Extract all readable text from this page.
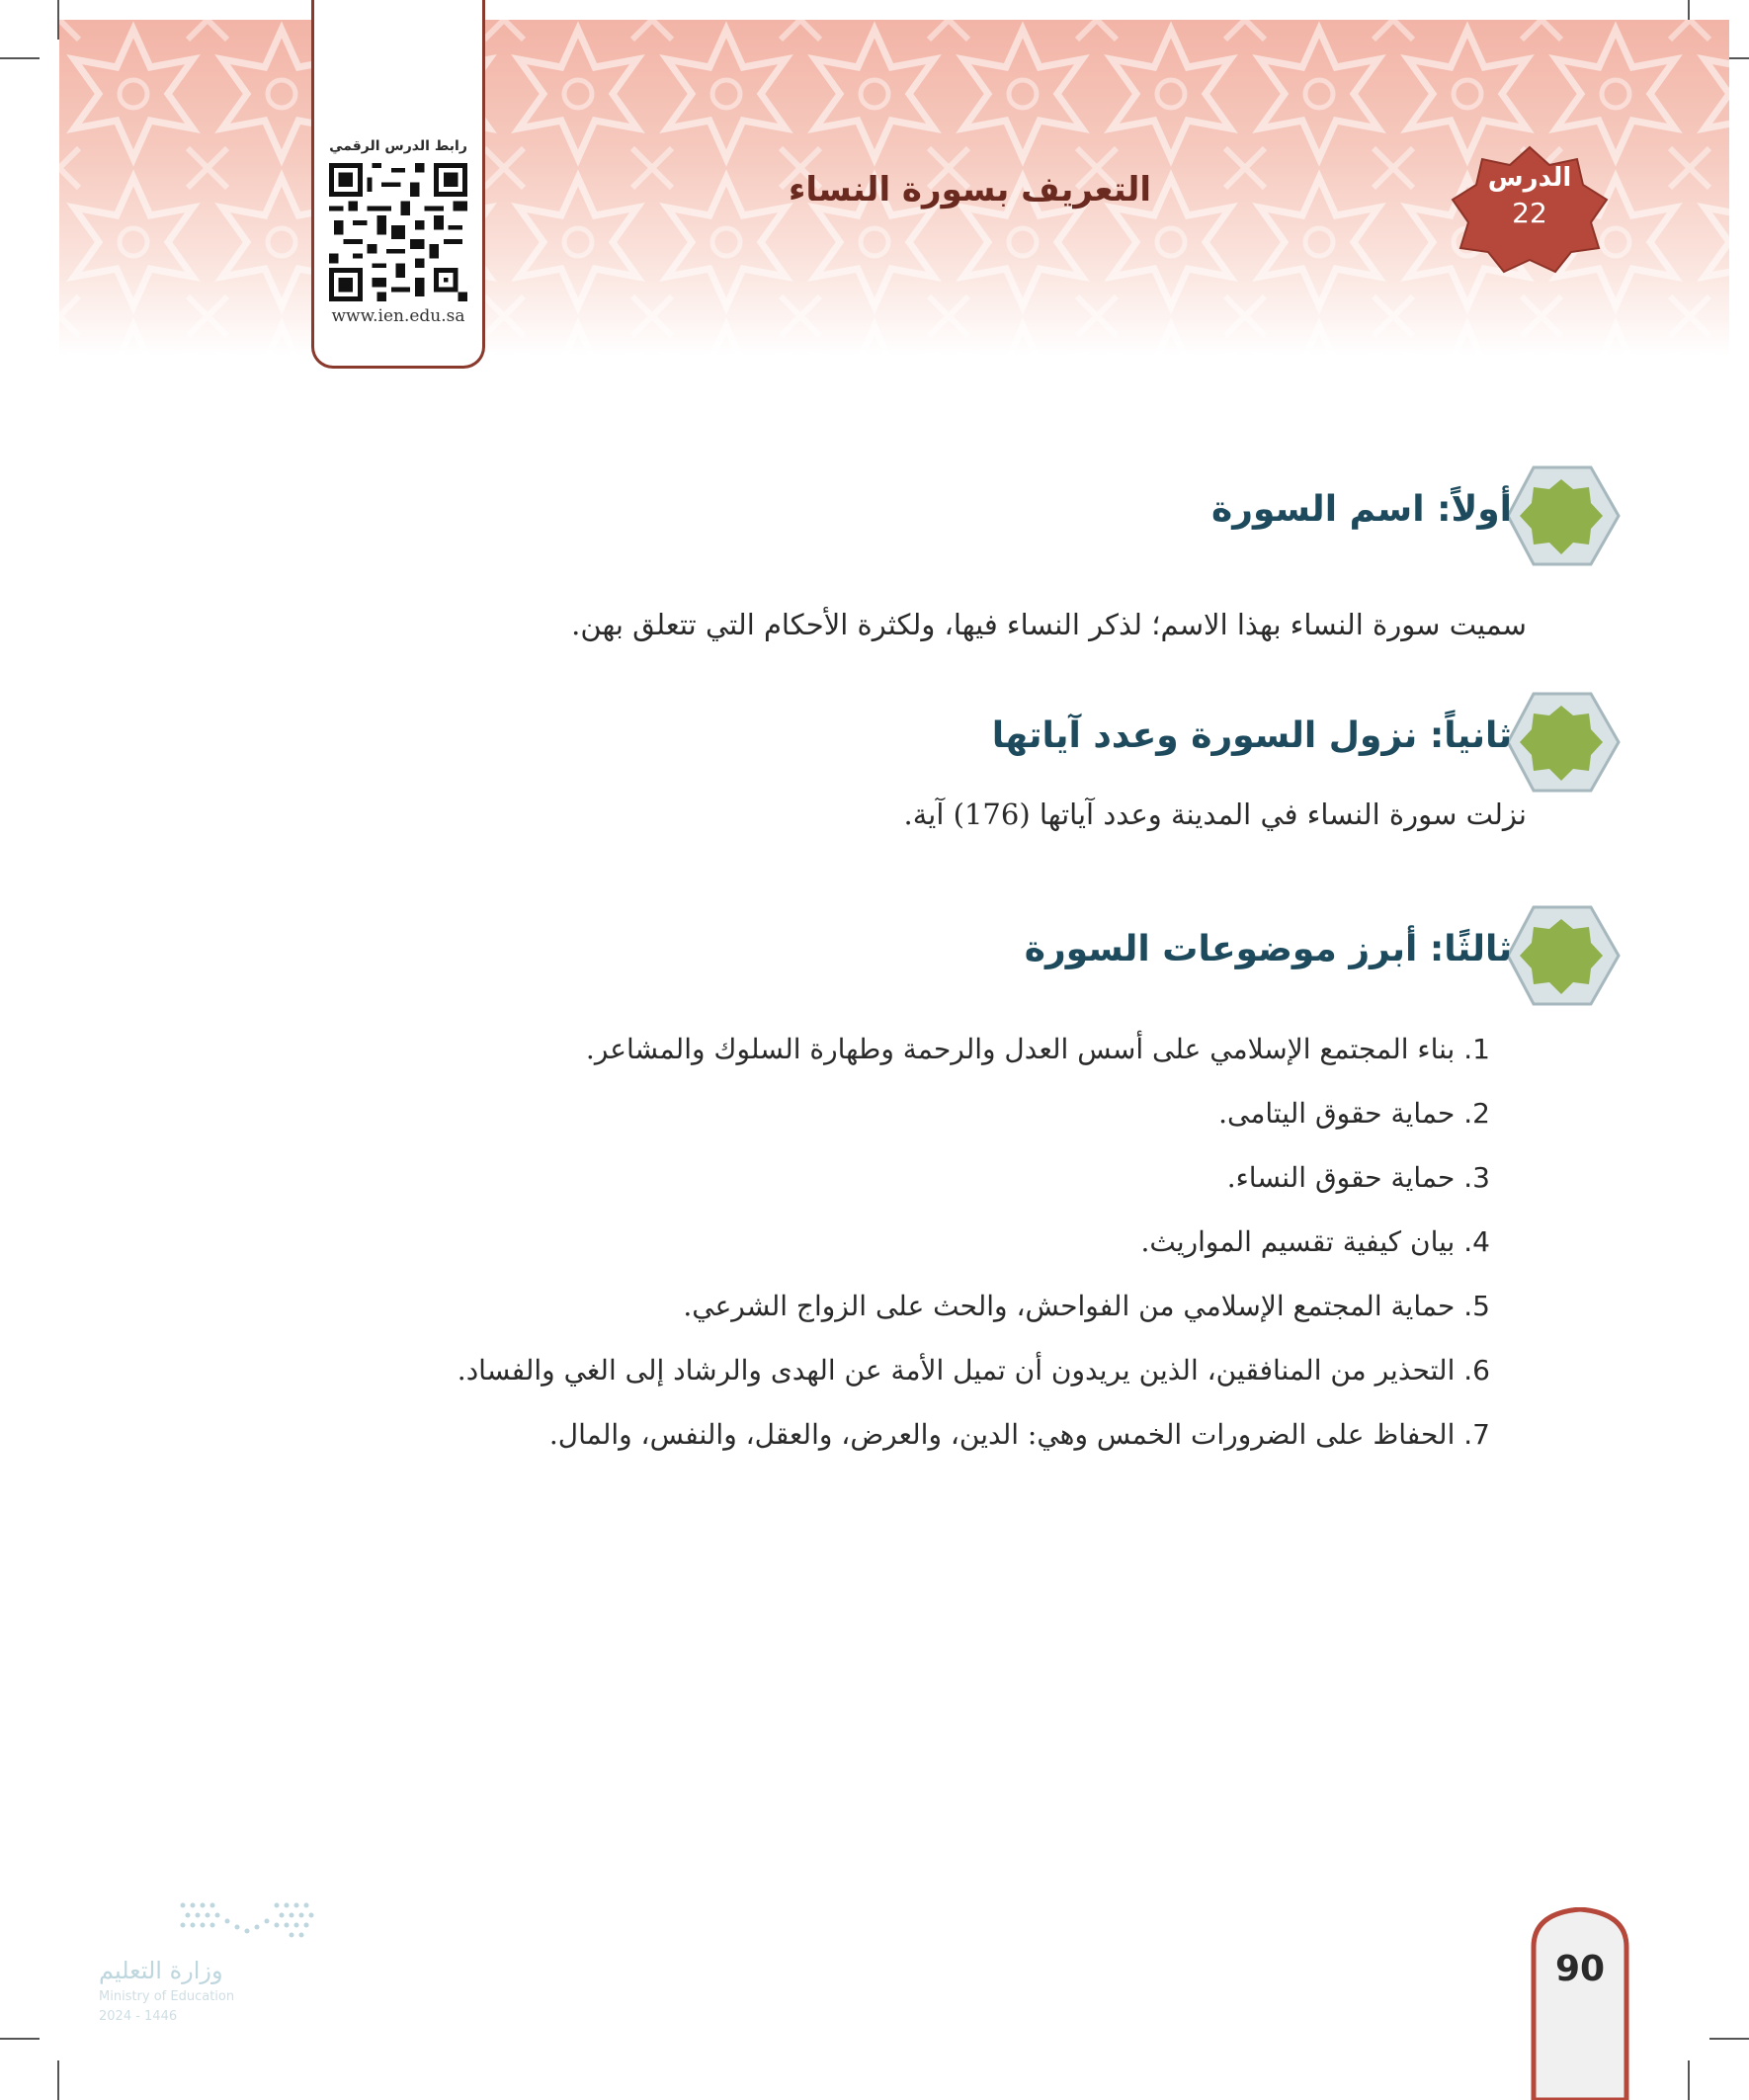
التعريف بسورة النساء	الدرس
22
رابط الدرس الرقمي
www.ien.edu.sa
أولاً: اسم السورة
سميت سورة النساء بهذا الاسم؛ لذكر النساء فيها، ولكثرة الأحكام التي تتعلق بهن.
ثانياً: نزول السورة وعدد آياتها
نزلت سورة النساء في المدينة وعدد آياتها (176) آية.
ثالثًا: أبرز موضوعات السورة
1. بناء المجتمع الإسلامي على أسس العدل والرحمة وطهارة السلوك والمشاعر.
2. حماية حقوق اليتامى.
3. حماية حقوق النساء.
4. بيان كيفية تقسيم المواريث.
5. حماية المجتمع الإسلامي من الفواحش، والحث على الزواج الشرعي.
6. التحذير من المنافقين، الذين يريدون أن تميل الأمة عن الهدى والرشاد إلى الغي والفساد.
7. الحفاظ على الضرورات الخمس وهي: الدين، والعرض، والعقل، والنفس، والمال.
وزارة التعليم
Ministry of Education
2024 - 1446
90
